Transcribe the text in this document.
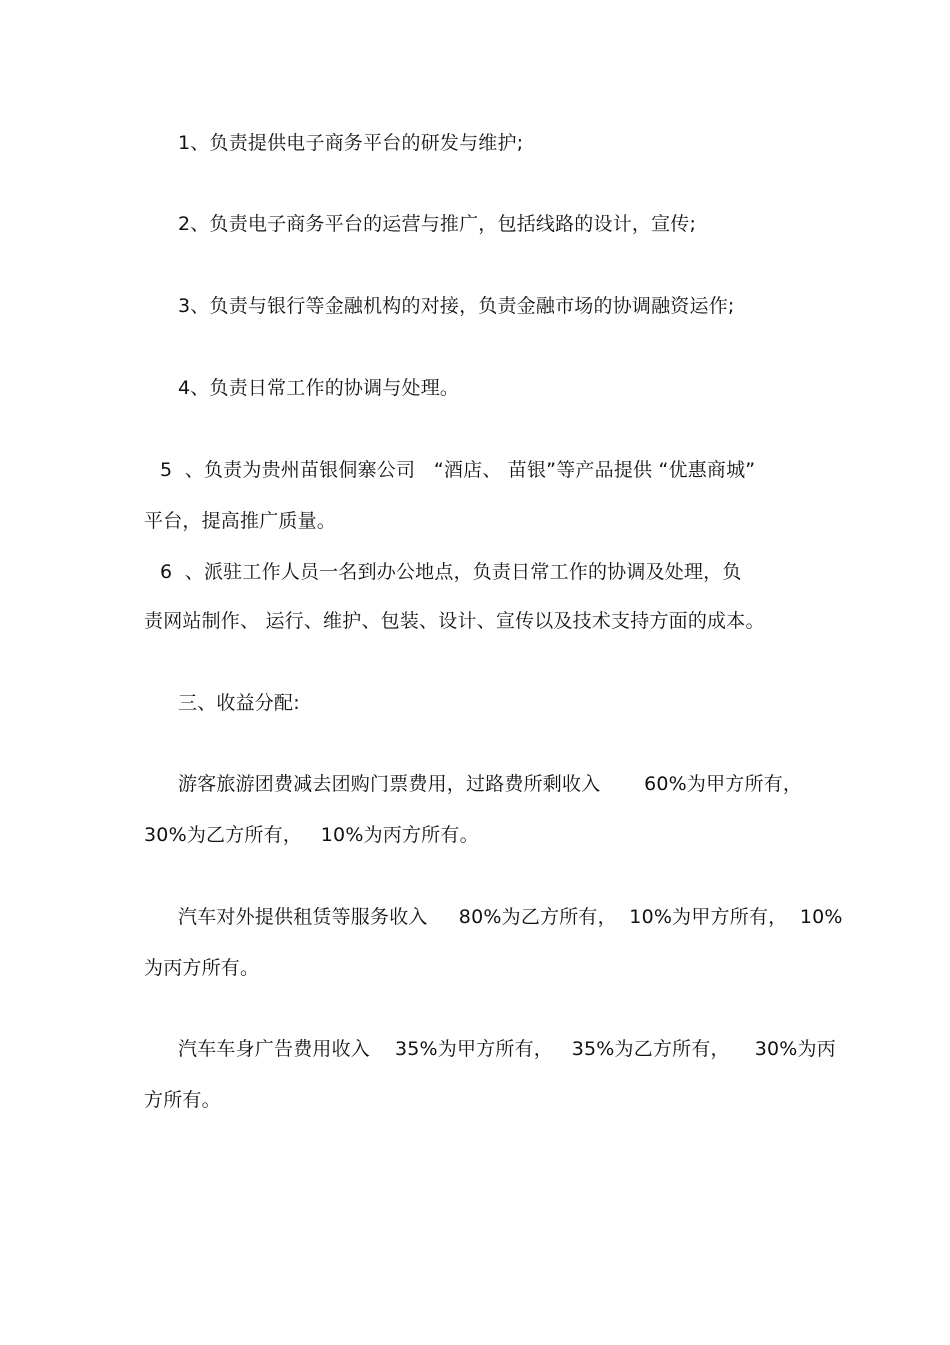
1、负责提供电子商务平台的研发与维护;
2、负责电子商务平台的运营与推广，包括线路的设计，宣传;
3、负责与银行等金融机构的对接，负责金融市场的协调融资运作;
4、负责日常工作的协调与处理。
5  、负责为贵州苗银侗寨公司   “酒店、 苗银”等产品提供 “优惠商城”
平台，提高推广质量。
6  、派驻工作人员一名到办公地点，负责日常工作的协调及处理，负
责网站制作、 运行、维护、包装、设计、宣传以及技术支持方面的成本。
三、收益分配:
游客旅游团费减去团购门票费用，过路费所剩收入       60%为甲方所有，
30%为乙方所有，   10%为丙方所有。
汽车对外提供租赁等服务收入     80%为乙方所有，  10%为甲方所有，  10%
为丙方所有。
汽车车身广告费用收入    35%为甲方所有，   35%为乙方所有，    30%为丙
方所有。
